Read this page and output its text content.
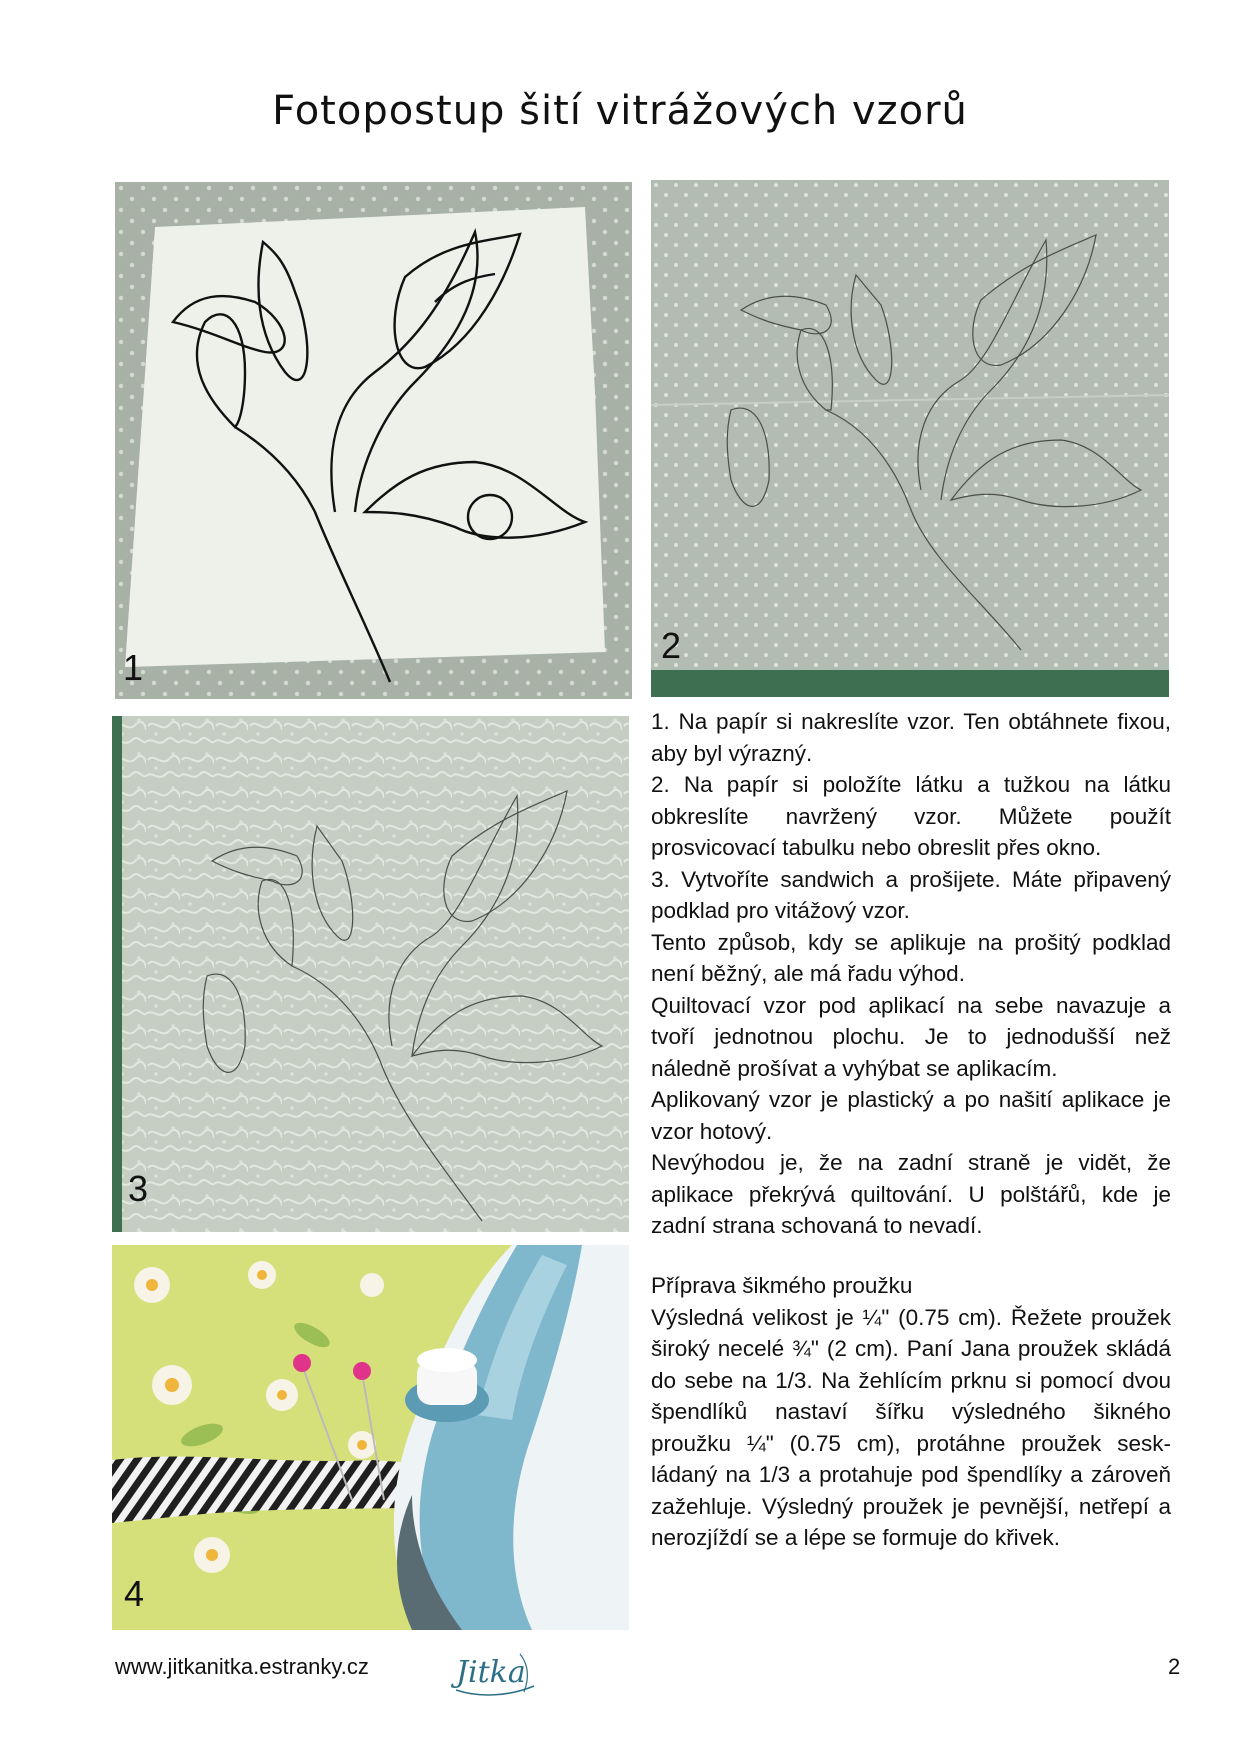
Fotopostup šití vitrážových vzorů
1
2
3
4

1. Na papír si nakreslíte vzor. Ten obtáhnete fixou, aby byl výrazný.

2. Na papír si položíte látku a tužkou na látku obkreslíte navržený vzor. Můžete použít prosvicovací tabulku nebo obreslit přes okno.

3. Vytvoříte sandwich a prošijete. Máte připavený podklad pro vitážový vzor.

Tento způsob, kdy se aplikuje na prošitý podklad není běžný, ale má řadu výhod.

Quiltovací vzor pod aplikací na sebe navazuje a tvoří jednotnou plochu. Je to jednodušší než náledně prošívat a vyhýbat se aplikacím.

Aplikovaný vzor je plastický a po našití aplikace je vzor hotový.

Nevýhodou je, že na zadní straně je vidět, že aplikace překrývá quiltování. U polštářů, kde je zadní strana schovaná to nevadí.

Příprava šikmého proužku

Výsledná velikost je ¼" (0.75 cm). Řežete proužek široký necelé ¾" (2 cm). Paní Jana proužek skládá do sebe na 1/3. Na žehlícím prknu si pomocí dvou špendlíků nastaví šířku výsledného šikného proužku ¼" (0.75 cm), protáhne proužek seskládaný na 1/3 a protahuje pod špendlíky a zároveň zažehluje. Výsledný proužek je pevnější, netřepí a nerozjíždí se a lépe se formuje do křivek.

www.jitkanitka.estranky.cz	Jitka	2
